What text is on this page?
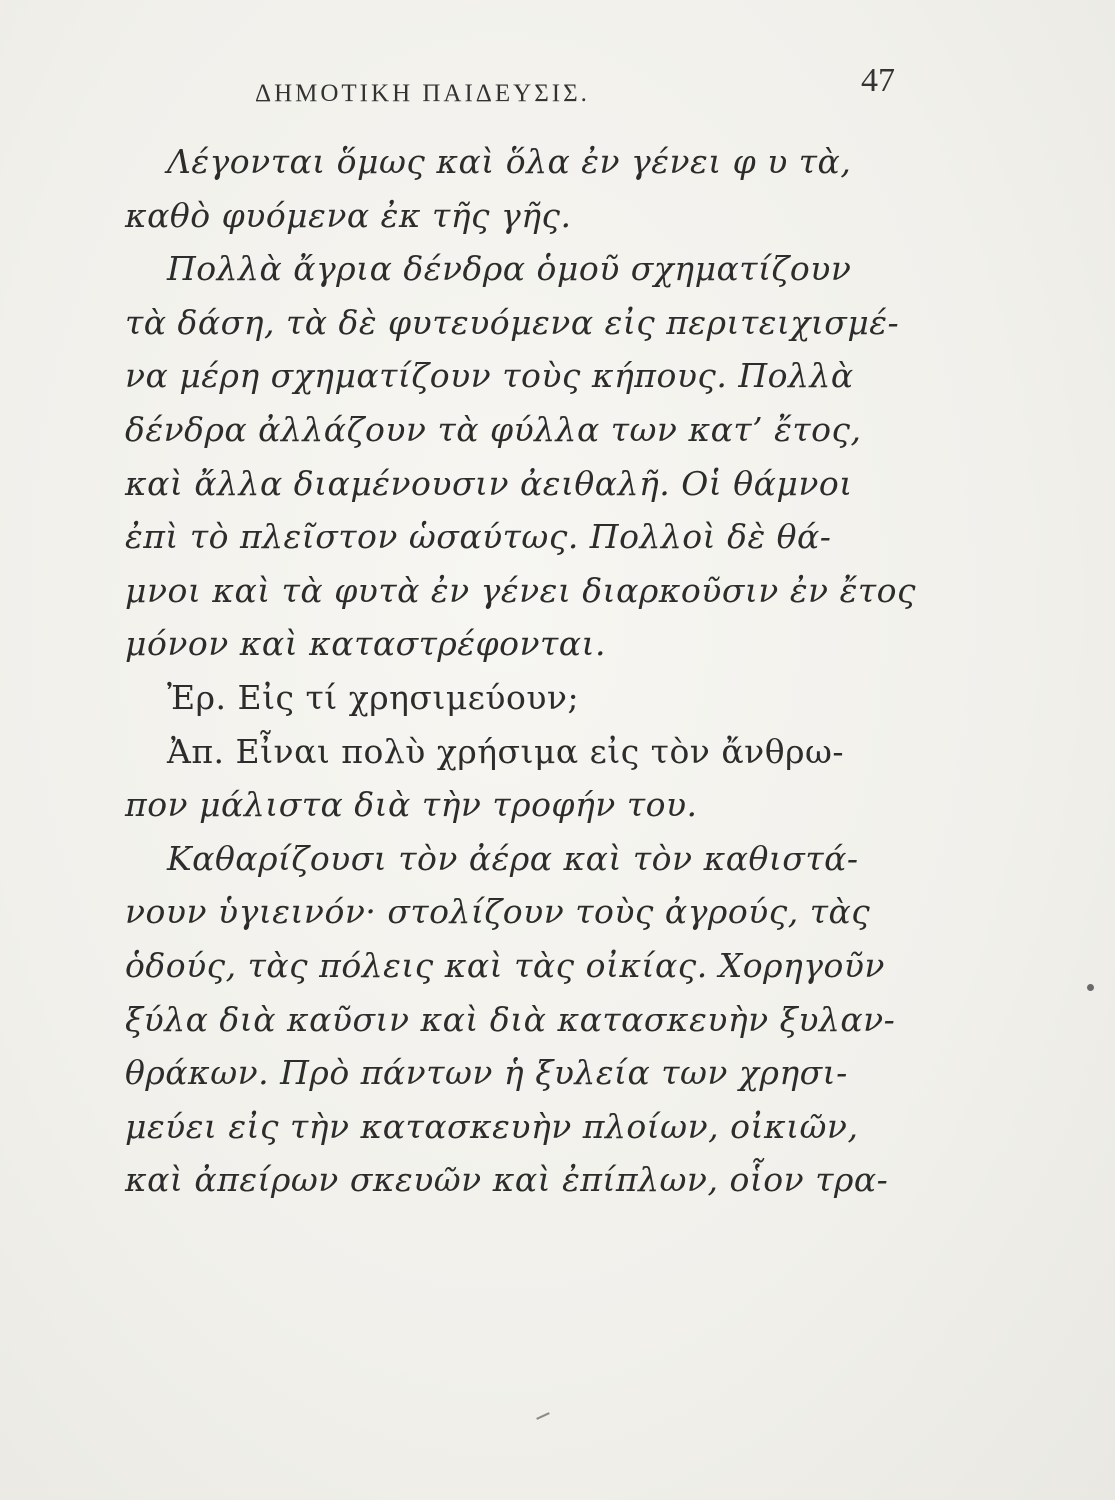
ΔΗΜΟΤΙΚΗ ΠΑΙΔΕΥΣΙΣ.	47
Λέγονται ὅμως καὶ ὅλα ἐν γένει φ υ τὰ,
καθὸ φυόμενα ἐκ τῆς γῆς.
Πολλὰ ἄγρια δένδρα ὁμοῦ σχηματίζουν
τὰ δάση, τὰ δὲ φυτευόμενα εἰς περιτειχισμέ-
να μέρη σχηματίζουν τοὺς κήπους. Πολλὰ
δένδρα ἀλλάζουν τὰ φύλλα των κατ’ ἔτος,
καὶ ἄλλα διαμένουσιν ἀειθαλῆ. Οἱ θάμνοι
ἐπὶ τὸ πλεῖστον ὡσαύτως. Πολλοὶ δὲ θά-
μνοι καὶ τὰ φυτὰ ἐν γένει διαρκοῦσιν ἐν ἔτος
μόνον καὶ καταστρέφονται.
Ἐρ. Εἰς τί χρησιμεύουν;
Ἀπ. Εἶναι πολὺ χρήσιμα εἰς τὸν ἄνθρω-
πον μάλιστα διὰ τὴν τροφήν του.
Καθαρίζουσι τὸν ἀέρα καὶ τὸν καθιστά-
νουν ὑγιεινόν· στολίζουν τοὺς ἀγρούς, τὰς
ὁδούς, τὰς πόλεις καὶ τὰς οἰκίας. Χορηγοῦν
ξύλα διὰ καῦσιν καὶ διὰ κατασκευὴν ξυλαν-
θράκων. Πρὸ πάντων ἡ ξυλεία των χρησι-
μεύει εἰς τὴν κατασκευὴν πλοίων, οἰκιῶν,
καὶ ἀπείρων σκευῶν καὶ ἐπίπλων, οἷον τρα-
